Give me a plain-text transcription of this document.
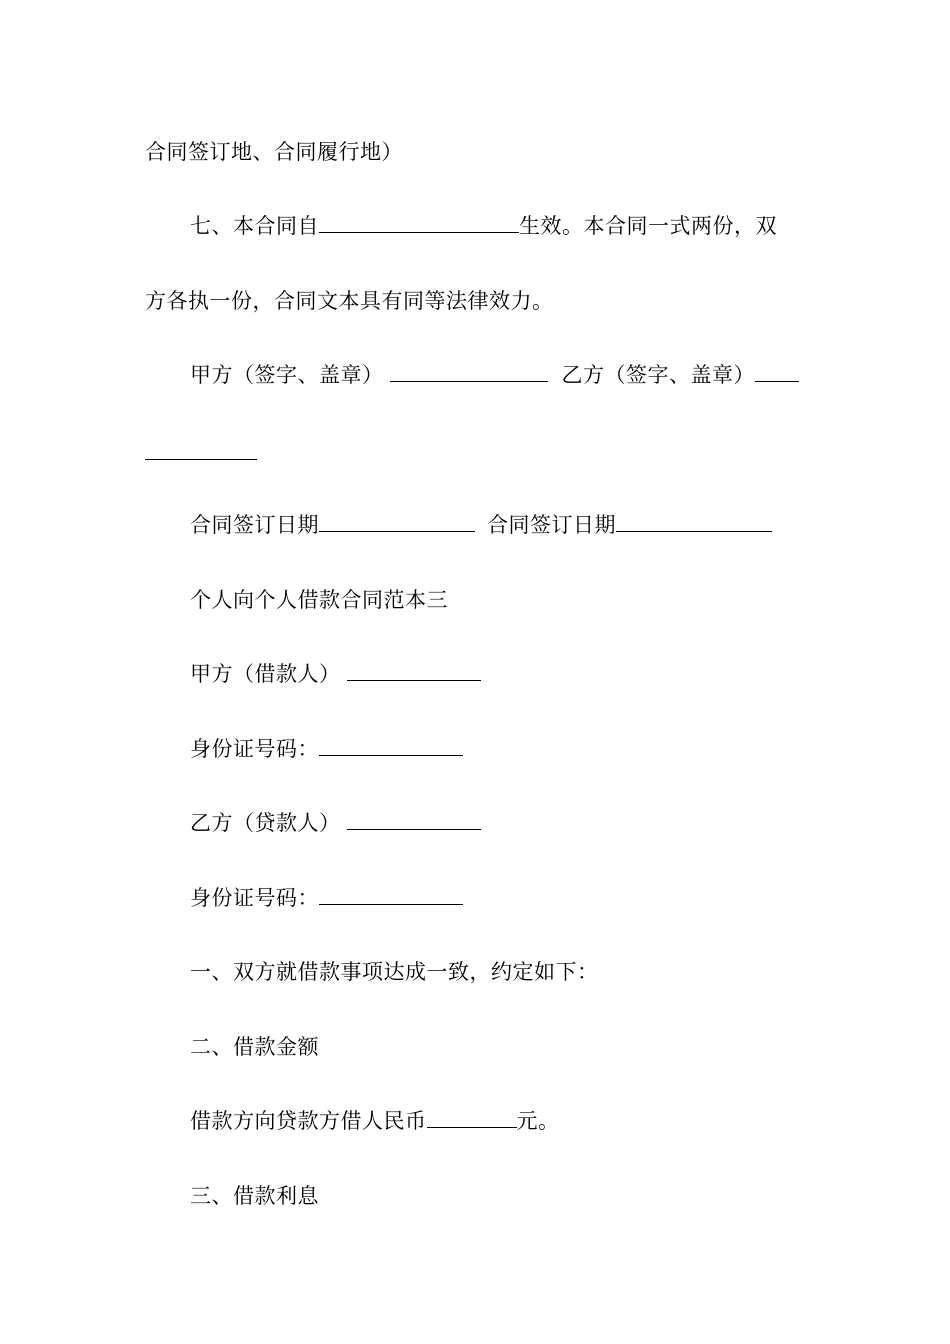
合同签订地、合同履行地）
七、本合同自	生效。本合同一式两份，双
方各执一份，合同文本具有同等法律效力。
甲方（签字、盖章）	乙方（签字、盖章）
合同签订日期	合同签订日期
个人向个人借款合同范本三
甲方（借款人）
身份证号码：
乙方（贷款人）
身份证号码：
一、双方就借款事项达成一致，约定如下：
二、借款金额
借款方向贷款方借人民币	元。
三、借款利息
